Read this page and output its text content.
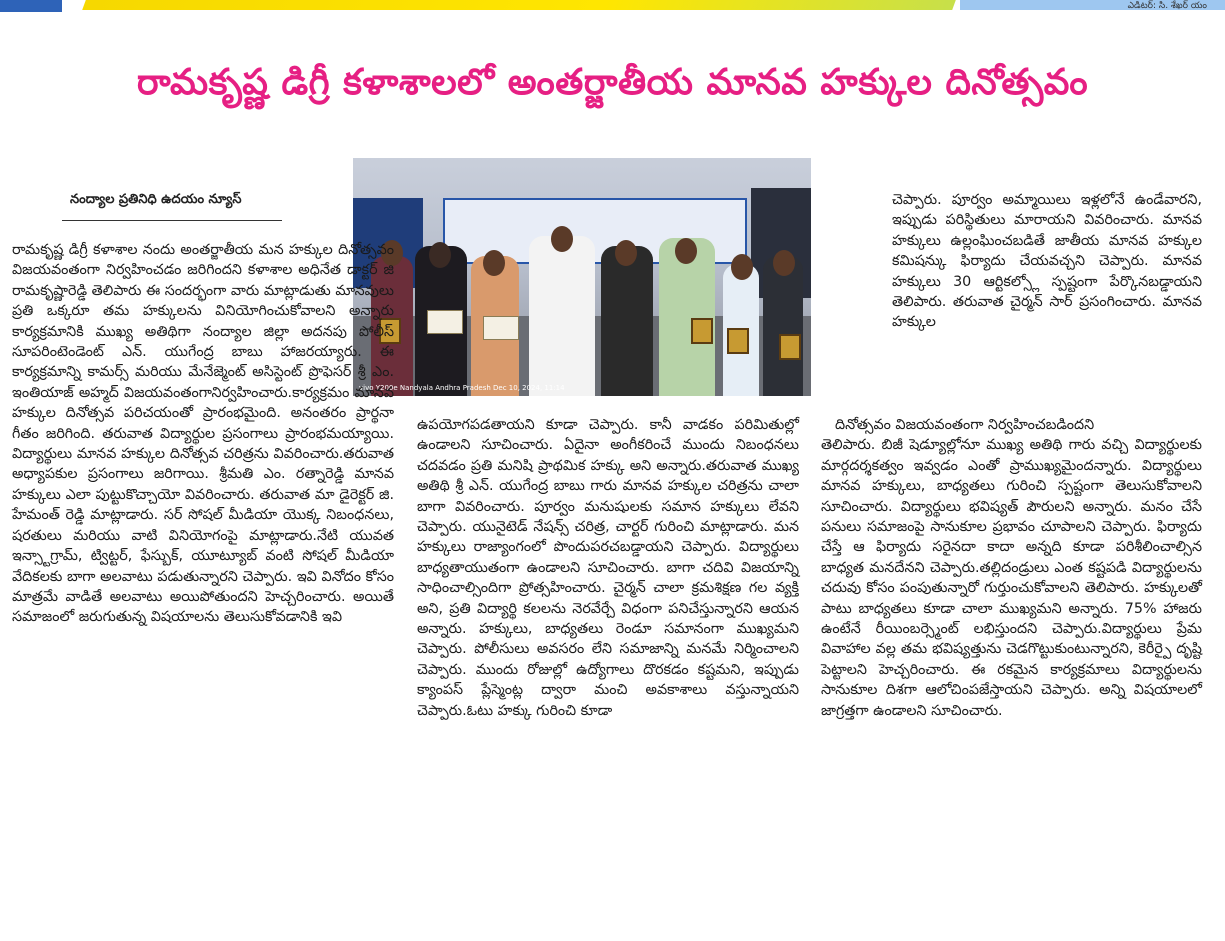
ఎడిటర్: సి. శేఖర్ యం
రామకృష్ణ డిగ్రీ కళాశాలలో అంతర్జాతీయ మానవ హక్కుల దినోత్సవం
నంద్యాల ప్రతినిధి ఉదయం న్యూస్
vivo Y200e Nandyala Andhra Pradesh Dec 10, 2024, 11:14

రామకృష్ణ డిగ్రీ కళాశాల నందు అంతర్జాతీయ మన హక్కుల దినోత్సవం విజయవంతంగా నిర్వహించడం జరిగిందని కళాశాల అధినేత డాక్టర్ జి రామకృష్ణారెడ్డి తెలిపారు ఈ సందర్భంగా వారు మాట్లాడుతు మానవులు ప్రతి ఒక్కరూ తమ హక్కులను వినియోగించుకోవాలని అన్నారు కార్యక్రమానికి ముఖ్య అతిథిగా నంద్యాల జిల్లా అదనపు పోలీస్ సూపరింటెండెంట్ ఎన్. యుగేంద్ర బాబు హాజరయ్యారు. ఈ కార్యక్రమాన్ని కామర్స్ మరియు మేనేజ్మెంట్ అసిస్టెంట్ ప్రొఫెసర్ శ్రీ ఎం. ఇంతియాజ్ అహ్మద్ విజయవంతంగానిర్వహించారు.కార్యక్రమం మానవ హక్కుల దినోత్సవ పరిచయంతో ప్రారంభమైంది. అనంతరం ప్రార్థనా గీతం జరిగింది. తరువాత విద్యార్థుల ప్రసంగాలు ప్రారంభమయ్యాయి. విద్యార్థులు మానవ హక్కుల దినోత్సవ చరిత్రను వివరించారు.తరువాత అధ్యాపకుల ప్రసంగాలు జరిగాయి. శ్రీమతి ఎం. రత్నారెడ్డి మానవ హక్కులు ఎలా పుట్టుకొచ్చాయో వివరించారు. తరువాత మా డైరెక్టర్ జి. హేమంత్ రెడ్డి మాట్లాడారు. సర్ సోషల్ మీడియా యొక్క నిబంధనలు, షరతులు మరియు వాటి వినియోగంపై మాట్లాడారు.నేటి యువత ఇన్స్టాగ్రామ్, ట్విట్టర్, ఫేస్బుక్, యూట్యూబ్ వంటి సోషల్ మీడియా వేదికలకు బాగా అలవాటు పడుతున్నారని చెప్పారు. ఇవి వినోదం కోసం మాత్రమే వాడితే అలవాటు అయిపోతుందని హెచ్చరించారు. అయితే సమాజంలో జరుగుతున్న విషయాలను తెలుసుకోవడానికి ఇవి

ఉపయోగపడతాయని కూడా చెప్పారు. కానీ వాడకం పరిమితుల్లో ఉండాలని సూచించారు. ఏదైనా అంగీకరించే ముందు నిబంధనలు చదవడం ప్రతి మనిషి ప్రాథమిక హక్కు అని అన్నారు.తరువాత ముఖ్య అతిథి శ్రీ ఎన్. యుగేంద్ర బాబు గారు మానవ హక్కుల చరిత్రను చాలా బాగా వివరించారు. పూర్వం మనుషులకు సమాన హక్కులు లేవని చెప్పారు. యునైటెడ్ నేషన్స్ చరిత్ర, చార్టర్ గురించి మాట్లాడారు. మన హక్కులు రాజ్యాంగంలో పొందుపరచబడ్డాయని చెప్పారు. విద్యార్థులు బాధ్యతాయుతంగా ఉండాలని సూచించారు. బాగా చదివి విజయాన్ని సాధించాల్సిందిగా ప్రోత్సహించారు. చైర్మన్ చాలా క్రమశిక్షణ గల వ్యక్తి అని, ప్రతి విద్యార్థి కలలను నెరవేర్చే విధంగా పనిచేస్తున్నారని ఆయన అన్నారు. హక్కులు, బాధ్యతలు రెండూ సమానంగా ముఖ్యమని చెప్పారు. పోలీసులు అవసరం లేని సమాజాన్ని మనమే నిర్మించాలని చెప్పారు. ముందు రోజుల్లో ఉద్యోగాలు దొరకడం కష్టమని, ఇప్పుడు క్యాంపస్ ప్లేస్మెంట్ల ద్వారా మంచి అవకాశాలు వస్తున్నాయని చెప్పారు.ఓటు హక్కు గురించి కూడా

చెప్పారు. పూర్వం అమ్మాయిలు ఇళ్లలోనే ఉండేవారని, ఇప్పుడు పరిస్థితులు మారాయని వివరించారు. మానవ హక్కులు ఉల్లంఘించబడితే జాతీయ మానవ హక్కుల కమిషన్కు ఫిర్యాదు చేయవచ్చని చెప్పారు. మానవ హక్కులు 30 ఆర్టికల్స్లో స్పష్టంగా పేర్కొనబడ్డాయని తెలిపారు. తరువాత చైర్మన్ సార్ ప్రసంగించారు. మానవ హక్కుల

దినోత్సవం విజయవంతంగా నిర్వహించబడిందని

తెలిపారు. బిజీ షెడ్యూల్లోనూ ముఖ్య అతిథి గారు వచ్చి విద్యార్థులకు మార్గదర్శకత్వం ఇవ్వడం ఎంతో ప్రాముఖ్యమైందన్నారు. విద్యార్థులు మానవ హక్కులు, బాధ్యతలు గురించి స్పష్టంగా తెలుసుకోవాలని సూచించారు. విద్యార్థులు భవిష్యత్ పౌరులని అన్నారు. మనం చేసే పనులు సమాజంపై సానుకూల ప్రభావం చూపాలని చెప్పారు. ఫిర్యాదు చేస్తే ఆ ఫిర్యాదు సరైనదా కాదా అన్నది కూడా పరిశీలించాల్సిన బాధ్యత మనదేనని చెప్పారు.తల్లిదండ్రులు ఎంత కష్టపడి విద్యార్థులను చదువు కోసం పంపుతున్నారో గుర్తుంచుకోవాలని తెలిపారు. హక్కులతో పాటు బాధ్యతలు కూడా చాలా ముఖ్యమని అన్నారు. 75% హాజరు ఉంటేనే రీయింబర్స్మెంట్ లభిస్తుందని చెప్పారు.విద్యార్థులు ప్రేమ వివాహాల వల్ల తమ భవిష్యత్తును చెడగొట్టుకుంటున్నారని, కెరీర్పై దృష్టి పెట్టాలని హెచ్చరించారు. ఈ రకమైన కార్యక్రమాలు విద్యార్థులను సానుకూల దిశగా ఆలోచింపజేస్తాయని చెప్పారు. అన్ని విషయాలలో జాగ్రత్తగా ఉండాలని సూచించారు.
